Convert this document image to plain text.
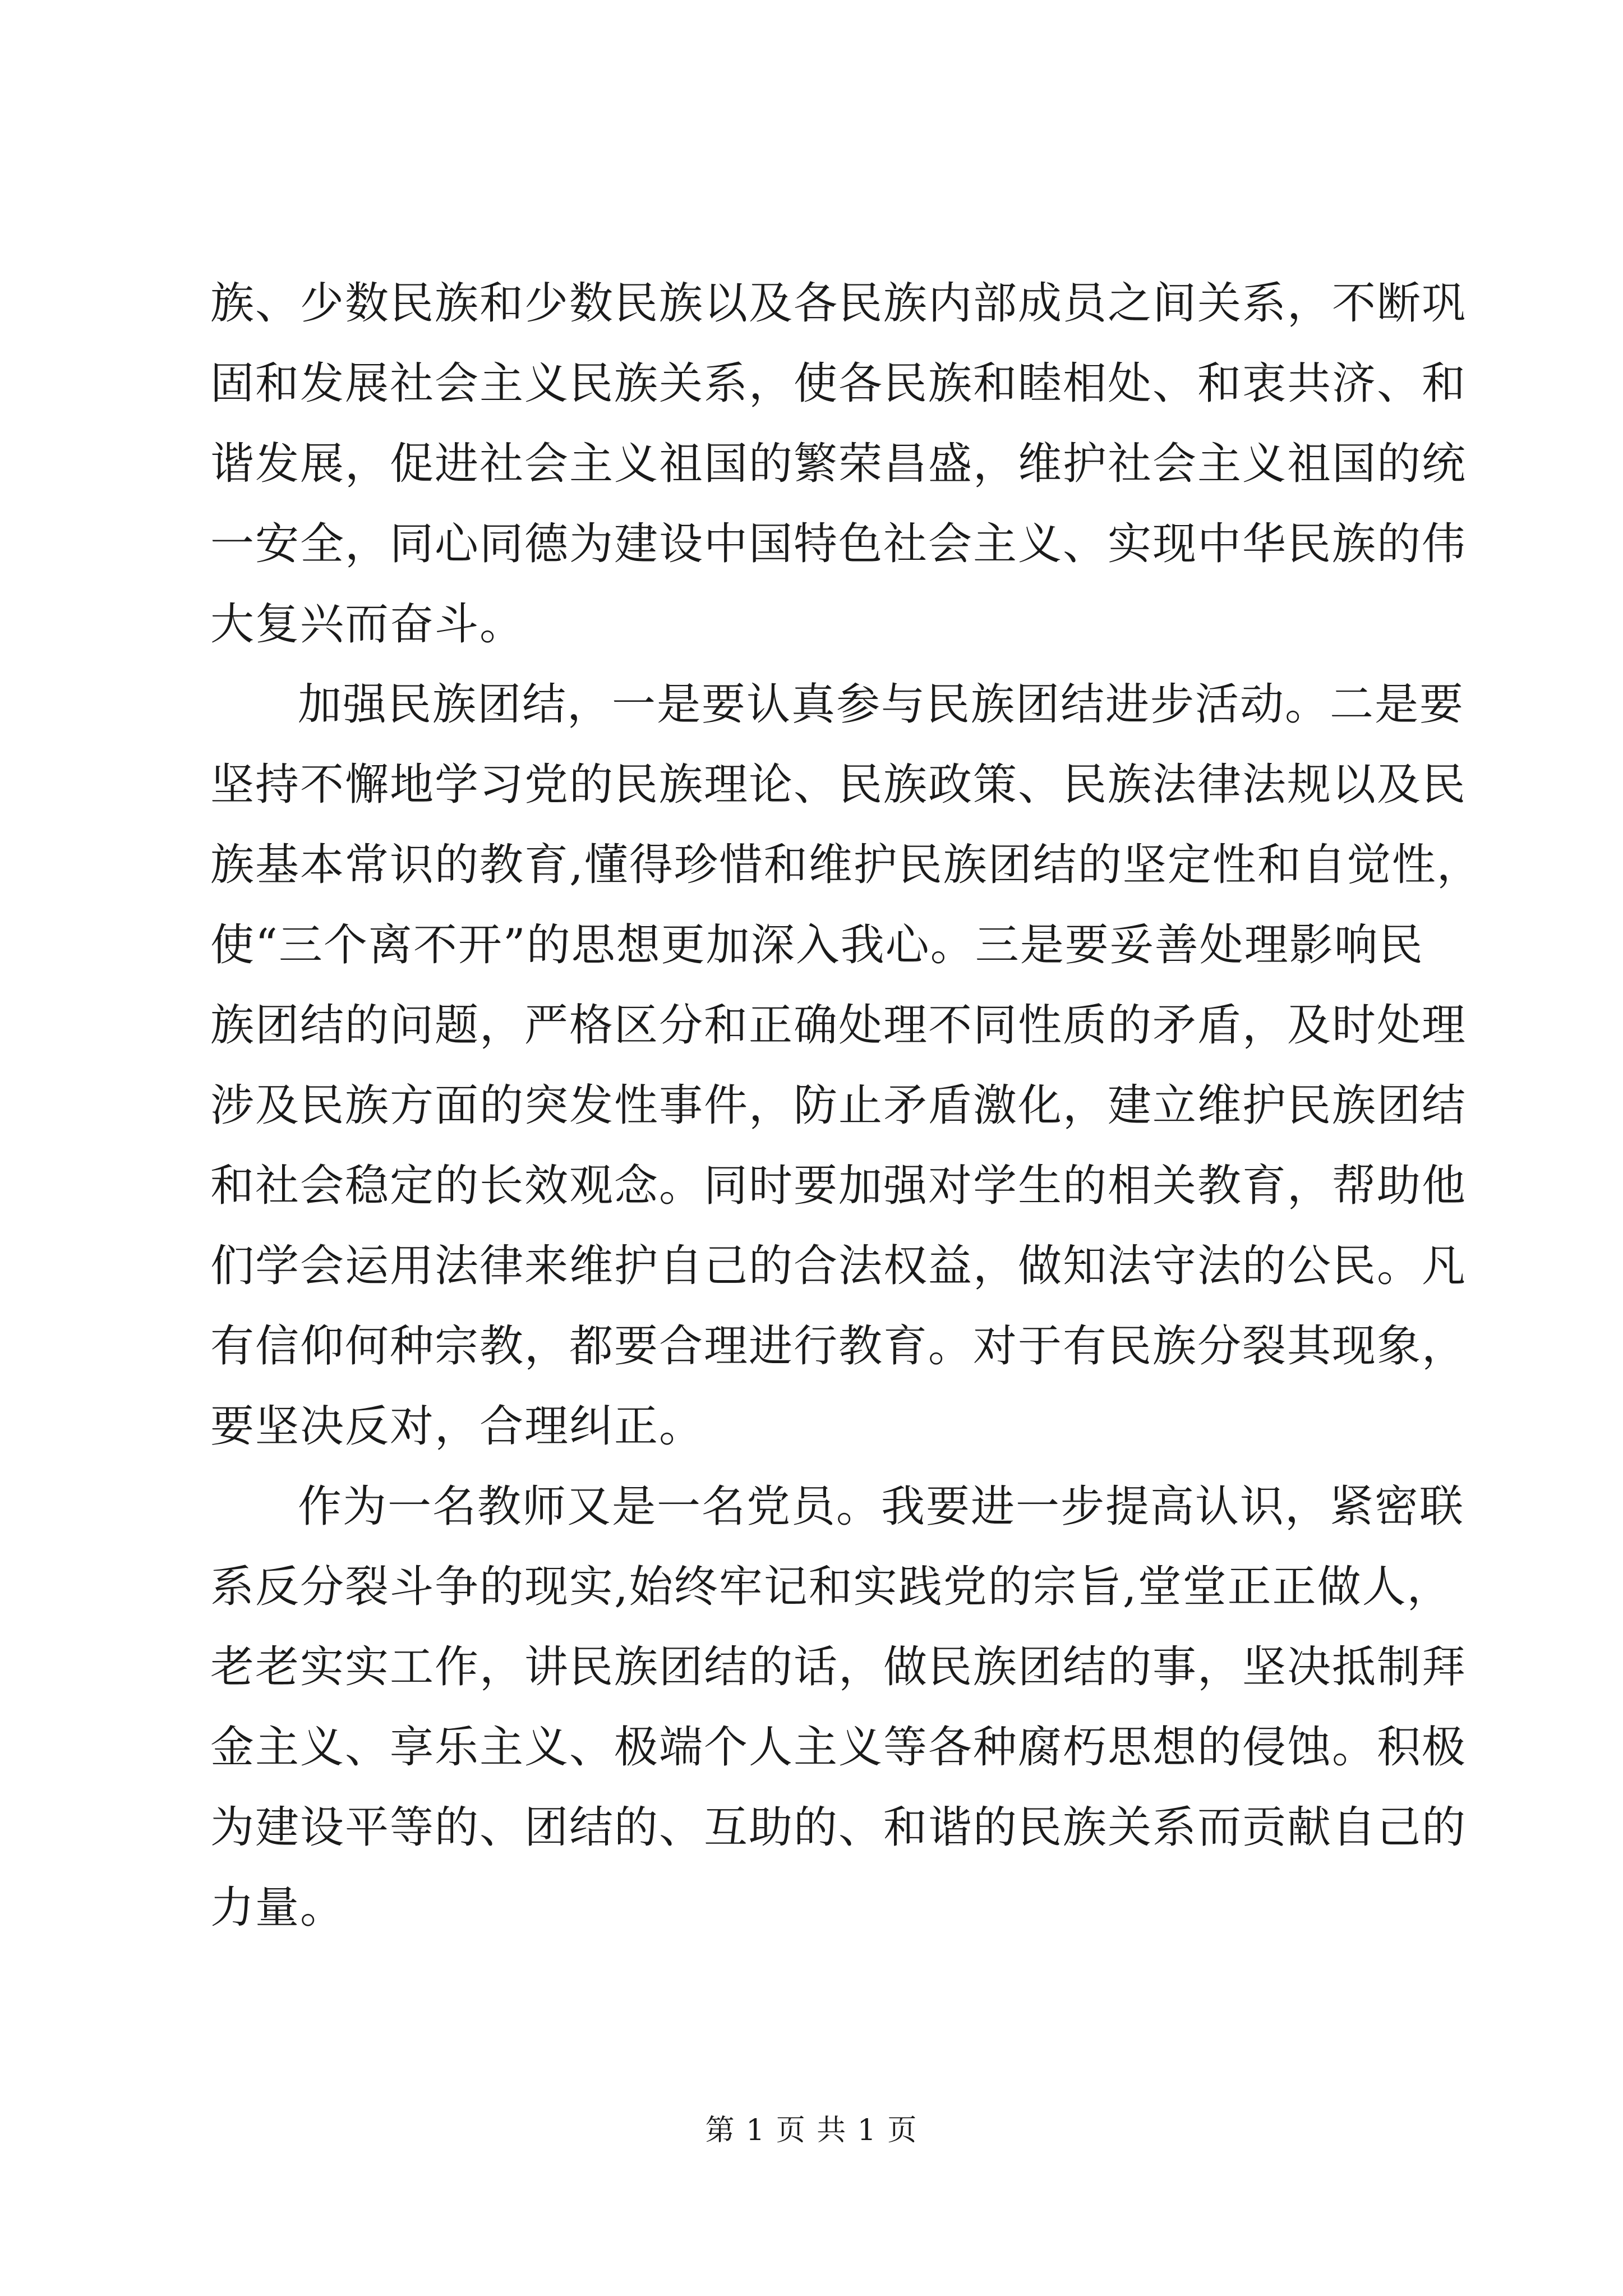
族、少数民族和少数民族以及各民族内部成员之间关系，不断巩
固和发展社会主义民族关系，使各民族和睦相处、和衷共济、和
谐发展，促进社会主义祖国的繁荣昌盛，维护社会主义祖国的统
一安全，同心同德为建设中国特色社会主义、实现中华民族的伟
大复兴而奋斗。
加强民族团结，一是要认真参与民族团结进步活动。二是要
坚持不懈地学习党的民族理论、民族政策、民族法律法规以及民
族基本常识的教育,懂得珍惜和维护民族团结的坚定性和自觉性，
使“三个离不开”的思想更加深入我心。三是要妥善处理影响民
族团结的问题，严格区分和正确处理不同性质的矛盾，及时处理
涉及民族方面的突发性事件，防止矛盾激化，建立维护民族团结
和社会稳定的长效观念。同时要加强对学生的相关教育，帮助他
们学会运用法律来维护自己的合法权益，做知法守法的公民。凡
有信仰何种宗教，都要合理进行教育。对于有民族分裂其现象，
要坚决反对，合理纠正。
作为一名教师又是一名党员。我要进一步提高认识，紧密联
系反分裂斗争的现实,始终牢记和实践党的宗旨,堂堂正正做人，
老老实实工作，讲民族团结的话，做民族团结的事，坚决抵制拜
金主义、享乐主义、极端个人主义等各种腐朽思想的侵蚀。积极
为建设平等的、团结的、互助的、和谐的民族关系而贡献自己的
力量。
第 1 页 共 1 页
